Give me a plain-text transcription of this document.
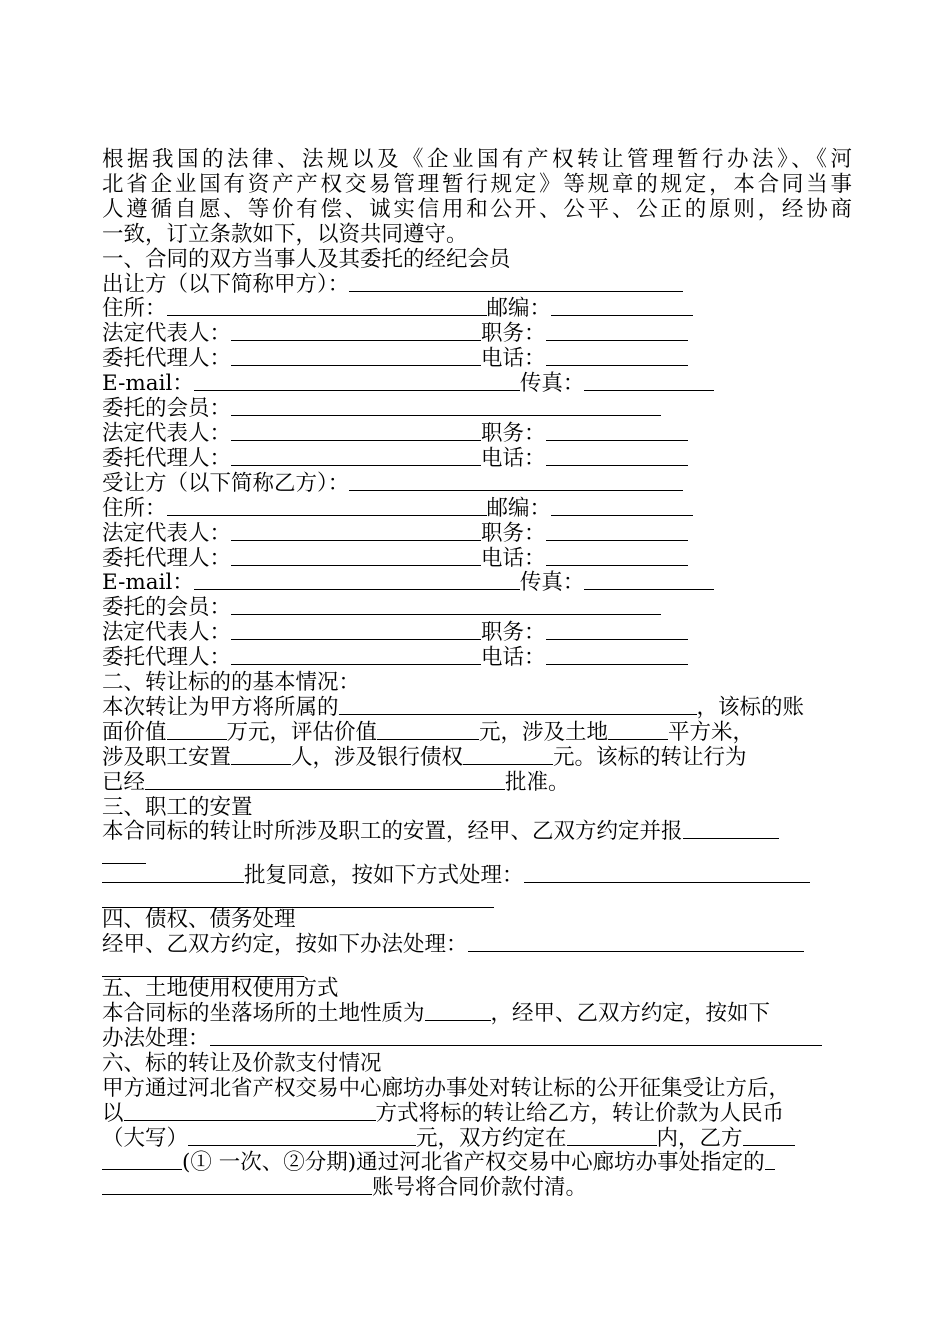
根据我国的法律、法规以及《企业国有产权转让管理暂行办法》、《河

北省企业国有资产产权交易管理暂行规定》等规章的规定，本合同当事

人遵循自愿、等价有偿、诚实信用和公开、公平、公正的原则，经协商

一致，订立条款如下，以资共同遵守。

一、合同的双方当事人及其委托的经纪会员

出让方（以下简称甲方）：
住所：	邮编：
法定代表人：	职务：
委托代理人：	电话：
E-mail：	传真：
委托的会员：
法定代表人：	职务：
委托代理人：	电话：
受让方（以下简称乙方）：
住所：	邮编：
法定代表人：	职务：
委托代理人：	电话：
E-mail：	传真：
委托的会员：
法定代表人：	职务：
委托代理人：	电话：

二、转让标的的基本情况：

本次转让为甲方将所属的	，该标的账
面价值	万元，评估价值	元，涉及土地	平方米，
涉及职工安置	人，涉及银行债权	元。该标的转让行为
已经	批准。

三、职工的安置

本合同标的转让时所涉及职工的安置，经甲、乙双方约定并报
批复同意，按如下方式处理：

四、债权、债务处理

经甲、乙双方约定，按如下办法处理：

五、土地使用权使用方式

本合同标的坐落场所的土地性质为	，经甲、乙双方约定，按如下
办法处理：

六、标的转让及价款支付情况

甲方通过河北省产权交易中心廊坊办事处对转让标的公开征集受让方后，

以	方式将标的转让给乙方，转让价款为人民币
（大写）	元，双方约定在	内，乙方
(① 一次、②分期)通过河北省产权交易中心廊坊办事处指定的
账号将合同价款付清。
